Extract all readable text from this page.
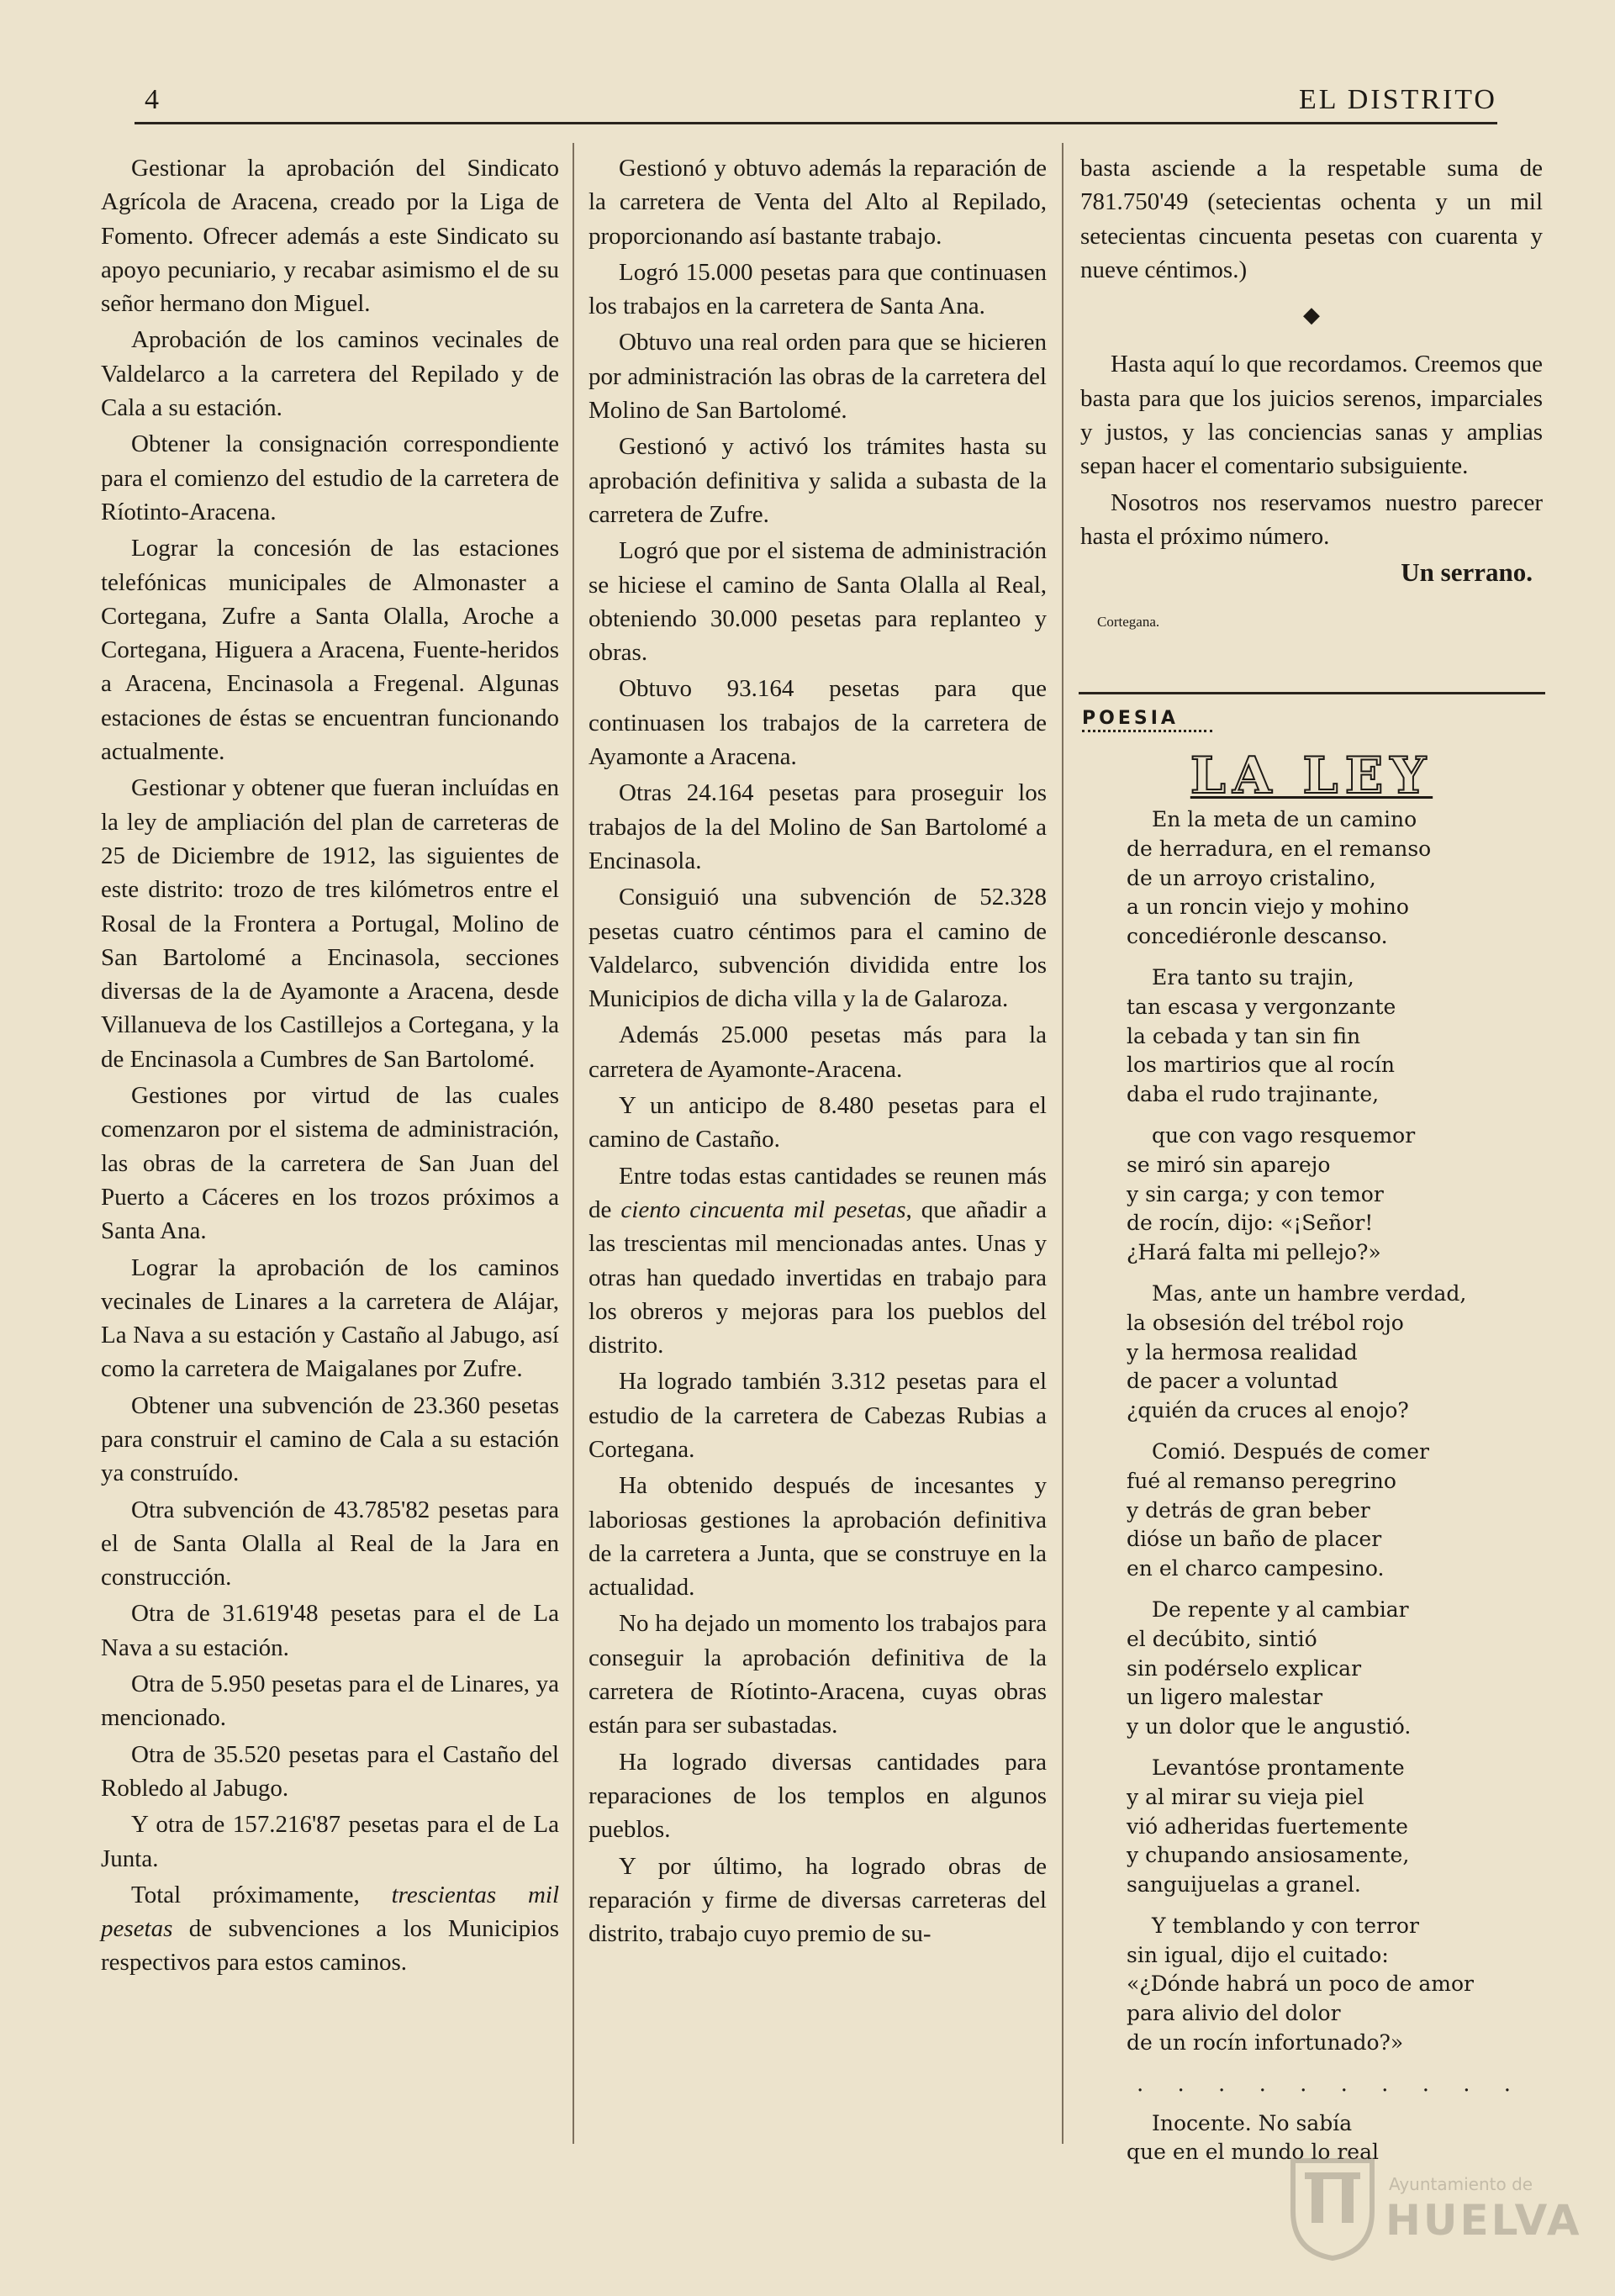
4	EL DISTRITO

Gestionar la aprobación del Sindicato Agrícola de Aracena, creado por la Liga de Fomento. Ofrecer además a este Sindicato su apoyo pecuniario, y recabar asimismo el de su señor hermano don Miguel.

Aprobación de los caminos vecinales de Valdelarco a la carretera del Repilado y de Cala a su estación.

Obtener la consignación correspondiente para el comienzo del estudio de la carretera de Ríotinto-Aracena.

Lograr la concesión de las estaciones telefónicas municipales de Almonaster a Cortegana, Zufre a Santa Olalla, Aroche a Cortegana, Higuera a Aracena, Fuente-heridos a Aracena, Encinasola a Fregenal. Algunas estaciones de éstas se encuentran funcionando actualmente.

Gestionar y obtener que fueran incluídas en la ley de ampliación del plan de carreteras de 25 de Diciembre de 1912, las siguientes de este distrito: trozo de tres kilómetros entre el Rosal de la Frontera a Portugal, Molino de San Bartolomé a Encinasola, secciones diversas de la de Ayamonte a Aracena, desde Villanueva de los Castillejos a Cortegana, y la de Encinasola a Cumbres de San Bartolomé.

Gestiones por virtud de las cuales comenzaron por el sistema de administración, las obras de la carretera de San Juan del Puerto a Cáceres en los trozos próximos a Santa Ana.

Lograr la aprobación de los caminos vecinales de Linares a la carretera de Alájar, La Nava a su estación y Castaño al Jabugo, así como la carretera de Maigalanes por Zufre.

Obtener una subvención de 23.360 pesetas para construir el camino de Cala a su estación ya construído.

Otra subvención de 43.785'82 pesetas para el de Santa Olalla al Real de la Jara en construcción.

Otra de 31.619'48 pesetas para el de La Nava a su estación.

Otra de 5.950 pesetas para el de Linares, ya mencionado.

Otra de 35.520 pesetas para el Castaño del Robledo al Jabugo.

Y otra de 157.216'87 pesetas para el de La Junta.

Total próximamente, trescientas mil pesetas de subvenciones a los Municipios respectivos para estos caminos.

Gestionó y obtuvo además la reparación de la carretera de Venta del Alto al Repilado, proporcionando así bastante trabajo.

Logró 15.000 pesetas para que continuasen los trabajos en la carretera de Santa Ana.

Obtuvo una real orden para que se hicieren por administración las obras de la carretera del Molino de San Bartolomé.

Gestionó y activó los trámites hasta su aprobación definitiva y salida a subasta de la carretera de Zufre.

Logró que por el sistema de administración se hiciese el camino de Santa Olalla al Real, obteniendo 30.000 pesetas para replanteo y obras.

Obtuvo 93.164 pesetas para que continuasen los trabajos de la carretera de Ayamonte a Aracena.

Otras 24.164 pesetas para proseguir los trabajos de la del Molino de San Bartolomé a Encinasola.

Consiguió una subvención de 52.328 pesetas cuatro céntimos para el camino de Valdelarco, subvención dividida entre los Municipios de dicha villa y la de Galaroza.

Además 25.000 pesetas más para la carretera de Ayamonte-Aracena.

Y un anticipo de 8.480 pesetas para el camino de Castaño.

Entre todas estas cantidades se reunen más de ciento cincuenta mil pesetas, que añadir a las trescientas mil mencionadas antes. Unas y otras han quedado invertidas en trabajo para los obreros y mejoras para los pueblos del distrito.

Ha logrado también 3.312 pesetas para el estudio de la carretera de Cabezas Rubias a Cortegana.

Ha obtenido después de incesantes y laboriosas gestiones la aprobación definitiva de la carretera a Junta, que se construye en la actualidad.

No ha dejado un momento los trabajos para conseguir la aprobación definitiva de la carretera de Ríotinto-Aracena, cuyas obras están para ser subastadas.

Ha logrado diversas cantidades para reparaciones de los templos en algunos pueblos.

Y por último, ha logrado obras de reparación y firme de diversas carreteras del distrito, trabajo cuyo premio de su-

basta asciende a la respetable suma de 781.750'49 (setecientas ochenta y un mil setecientas cincuenta pesetas con cuarenta y nueve céntimos.)

◆

Hasta aquí lo que recordamos. Creemos que basta para que los juicios serenos, imparciales y justos, y las conciencias sanas y amplias sepan hacer el comentario subsiguiente.

Nosotros nos reservamos nuestro parecer hasta el próximo número.

Un serrano.
Cortegana.
POESIA
LA LEY
En la meta de un camino
de herradura, en el remanso
de un arroyo cristalino,
a un roncin viejo y mohino
concediéronle descanso.
Era tanto su trajin,
tan escasa y vergonzante
la cebada y tan sin fin
los martirios que al rocín
daba el rudo trajinante,
que con vago resquemor
se miró sin aparejo
y sin carga; y con temor
de rocín, dijo: «¡Señor!
¿Hará falta mi pellejo?»
Mas, ante un hambre verdad,
la obsesión del trébol rojo
y la hermosa realidad
de pacer a voluntad
¿quién da cruces al enojo?
Comió. Después de comer
fué al remanso peregrino
y detrás de gran beber
dióse un baño de placer
en el charco campesino.
De repente y al cambiar
el decúbito, sintió
sin podérselo explicar
un ligero malestar
y un dolor que le angustió.
Levantóse prontamente
y al mirar su vieja piel
vió adheridas fuertemente
y chupando ansiosamente,
sanguijuelas a granel.
Y temblando y con terror
sin igual, dijo el cuitado:
«¿Dónde habrá un poco de amor
para alivio del dolor
de un rocín infortunado?»
. . . . . . . . . .
Inocente. No sabía
que en el mundo lo real
Ayuntamiento de
HUELVA
